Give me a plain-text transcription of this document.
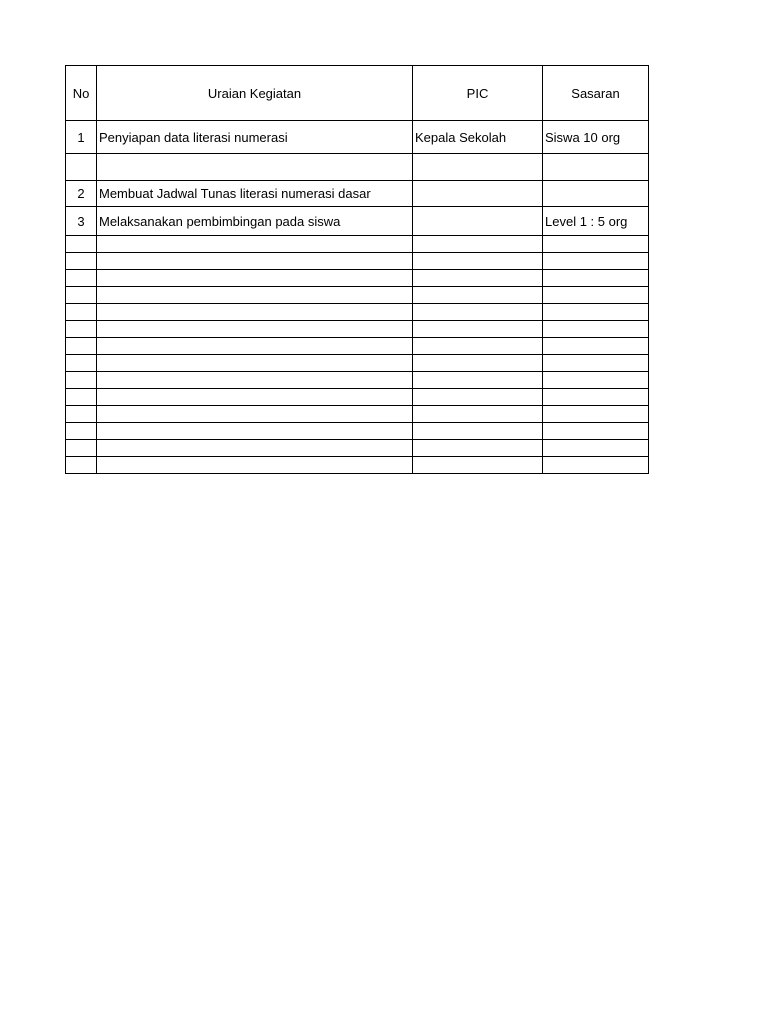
No	Uraian Kegiatan	PIC	Sasaran
1	Penyiapan data literasi numerasi	Kepala Sekolah	Siswa 10 org

2	Membuat Jadwal Tunas literasi numerasi dasar		
3	Melaksanakan pembimbingan pada siswa		Level 1 : 5 org
